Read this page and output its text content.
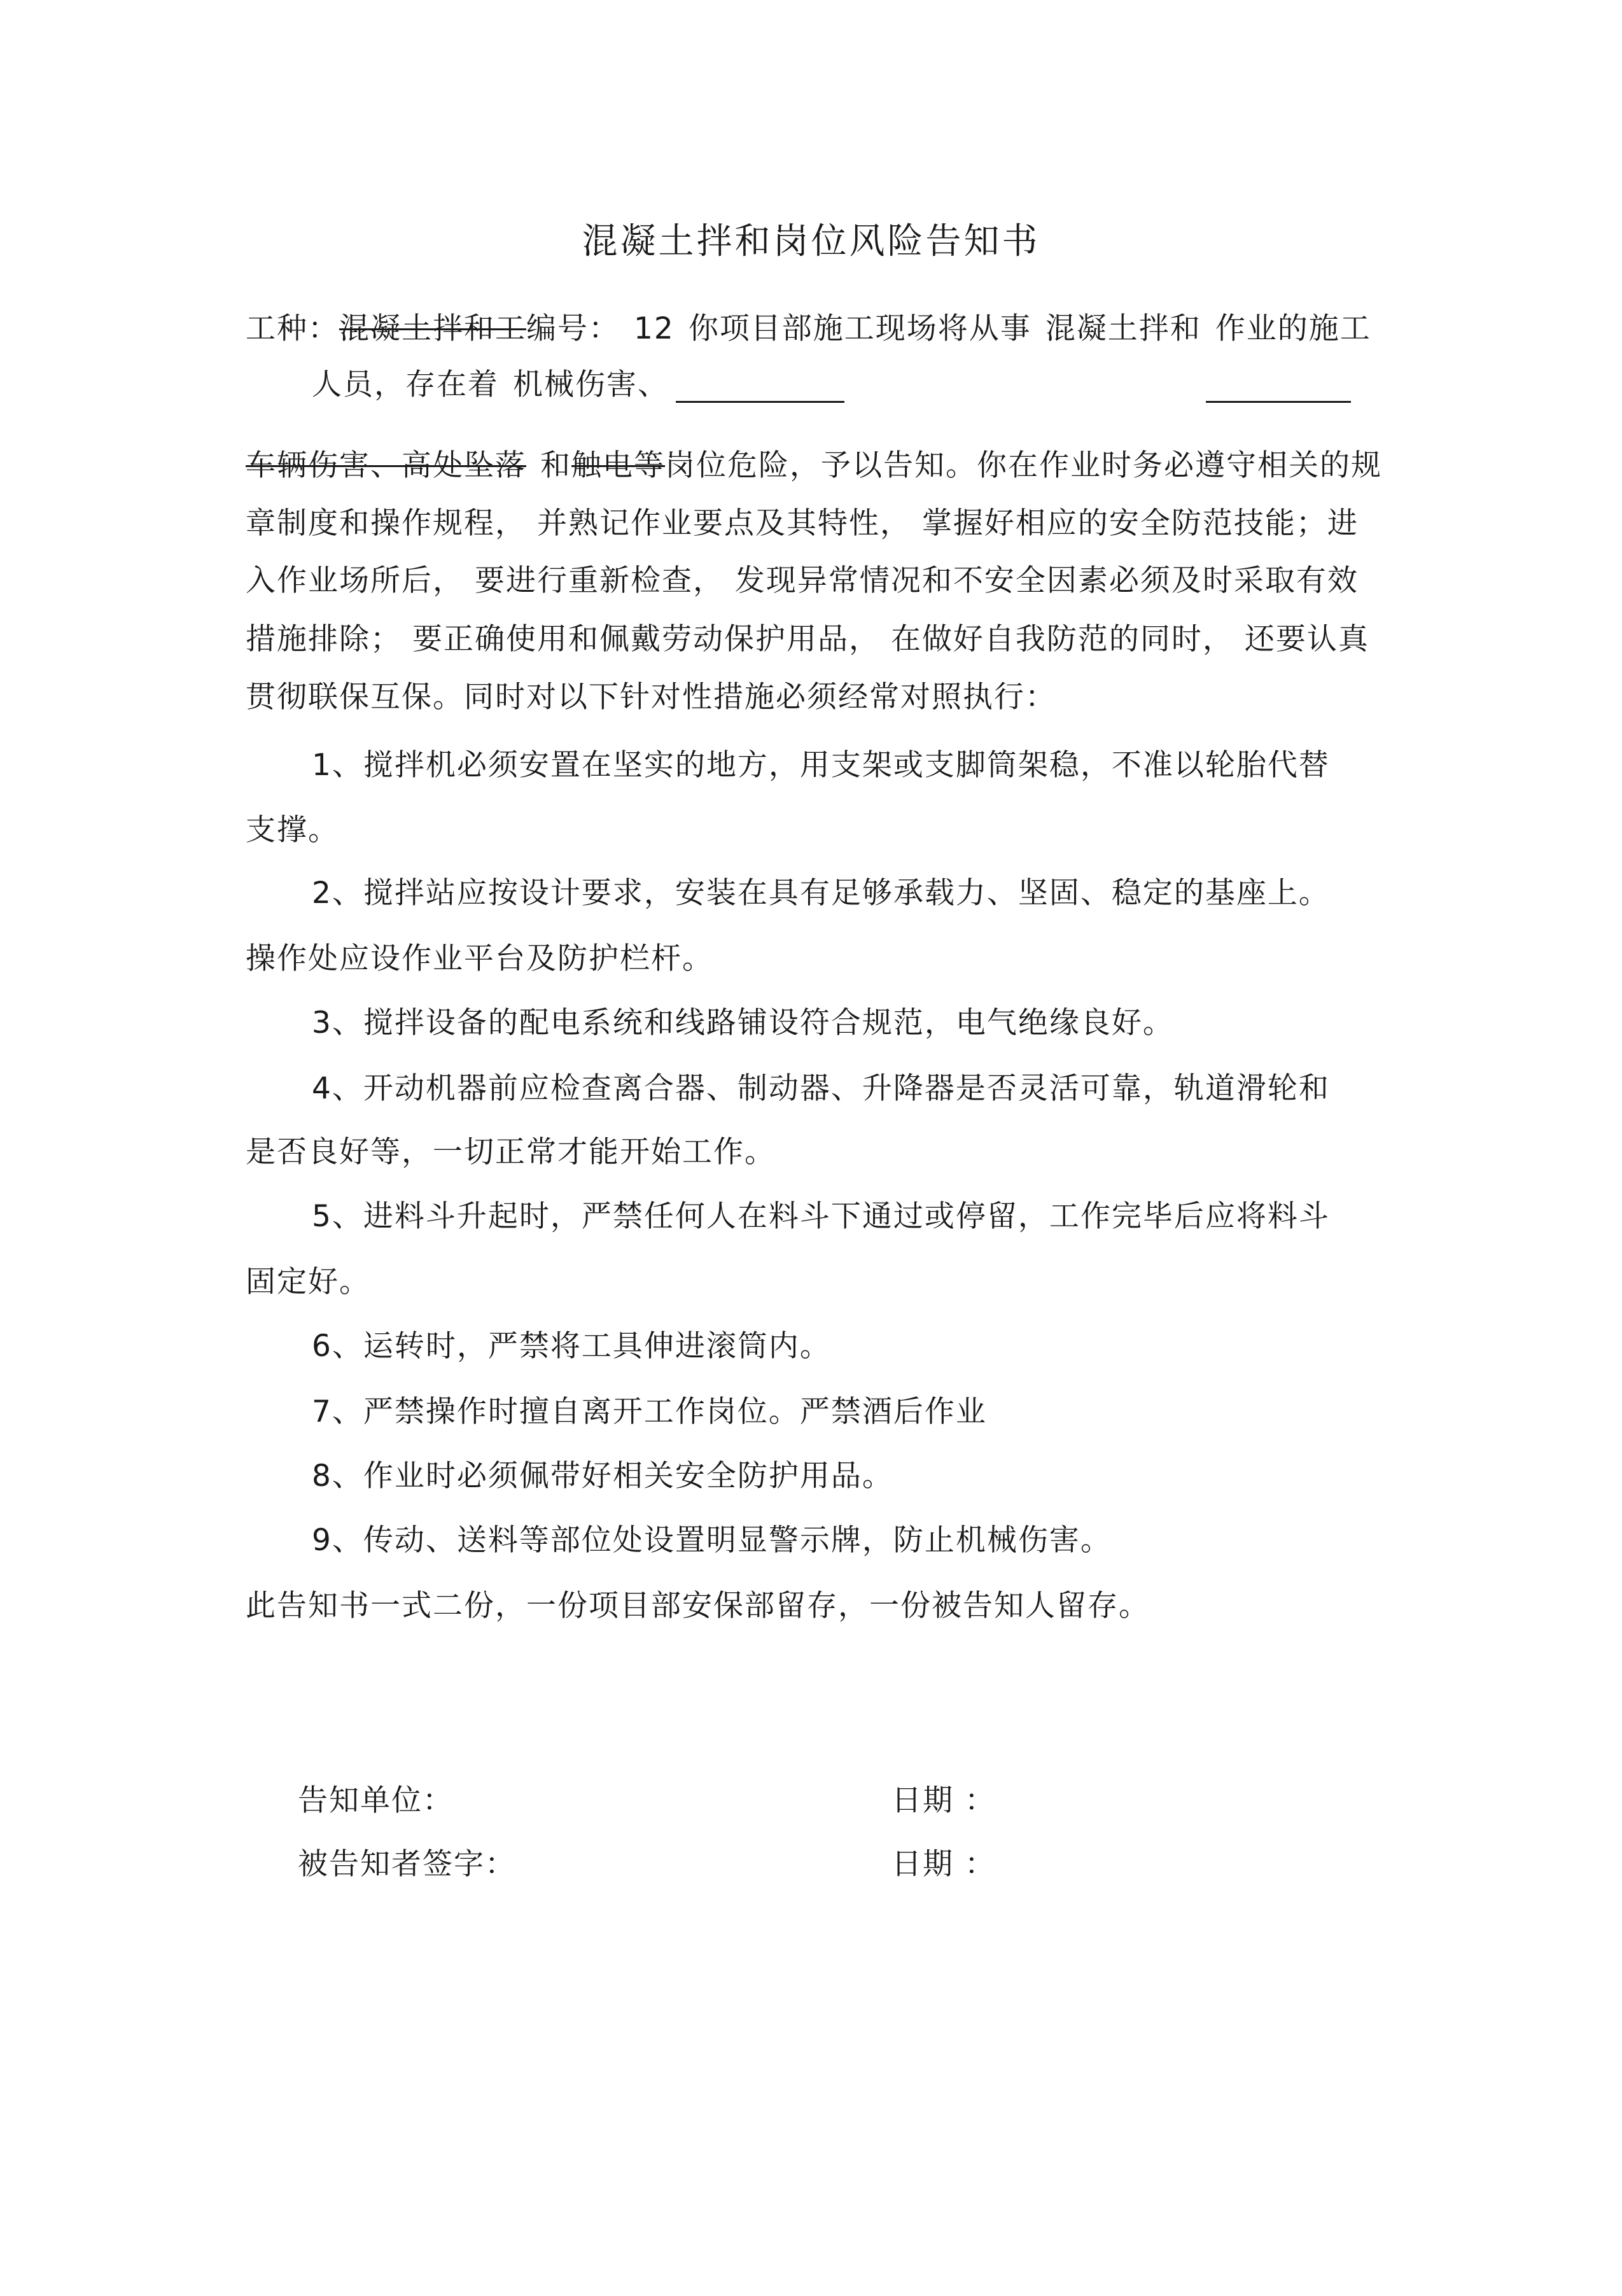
混凝土拌和岗位风险告知书
工种：混凝土拌和工编号： 12 你项目部施工现场将从事 混凝土拌和 作业的施工
人员，存在着 机械伤害、
车辆伤害、高处坠落 和触电等岗位危险，予以告知。你在作业时务必遵守相关的规
章制度和操作规程， 并熟记作业要点及其特性， 掌握好相应的安全防范技能；进
入作业场所后， 要进行重新检查， 发现异常情况和不安全因素必须及时采取有效
措施排除； 要正确使用和佩戴劳动保护用品， 在做好自我防范的同时， 还要认真
贯彻联保互保。同时对以下针对性措施必须经常对照执行：
1、搅拌机必须安置在坚实的地方，用支架或支脚筒架稳，不准以轮胎代替
支撑。
2、搅拌站应按设计要求，安装在具有足够承载力、坚固、稳定的基座上。
操作处应设作业平台及防护栏杆。
3、搅拌设备的配电系统和线路铺设符合规范，电气绝缘良好。
4、开动机器前应检查离合器、制动器、升降器是否灵活可靠，轨道滑轮和
是否良好等，一切正常才能开始工作。
5、进料斗升起时，严禁任何人在料斗下通过或停留，工作完毕后应将料斗
固定好。
6、运转时，严禁将工具伸进滚筒内。
7、严禁操作时擅自离开工作岗位。严禁酒后作业
8、作业时必须佩带好相关安全防护用品。
9、传动、送料等部位处设置明显警示牌，防止机械伤害。
此告知书一式二份，一份项目部安保部留存，一份被告知人留存。
告知单位：	日期 ：
被告知者签字：	日期 ：
